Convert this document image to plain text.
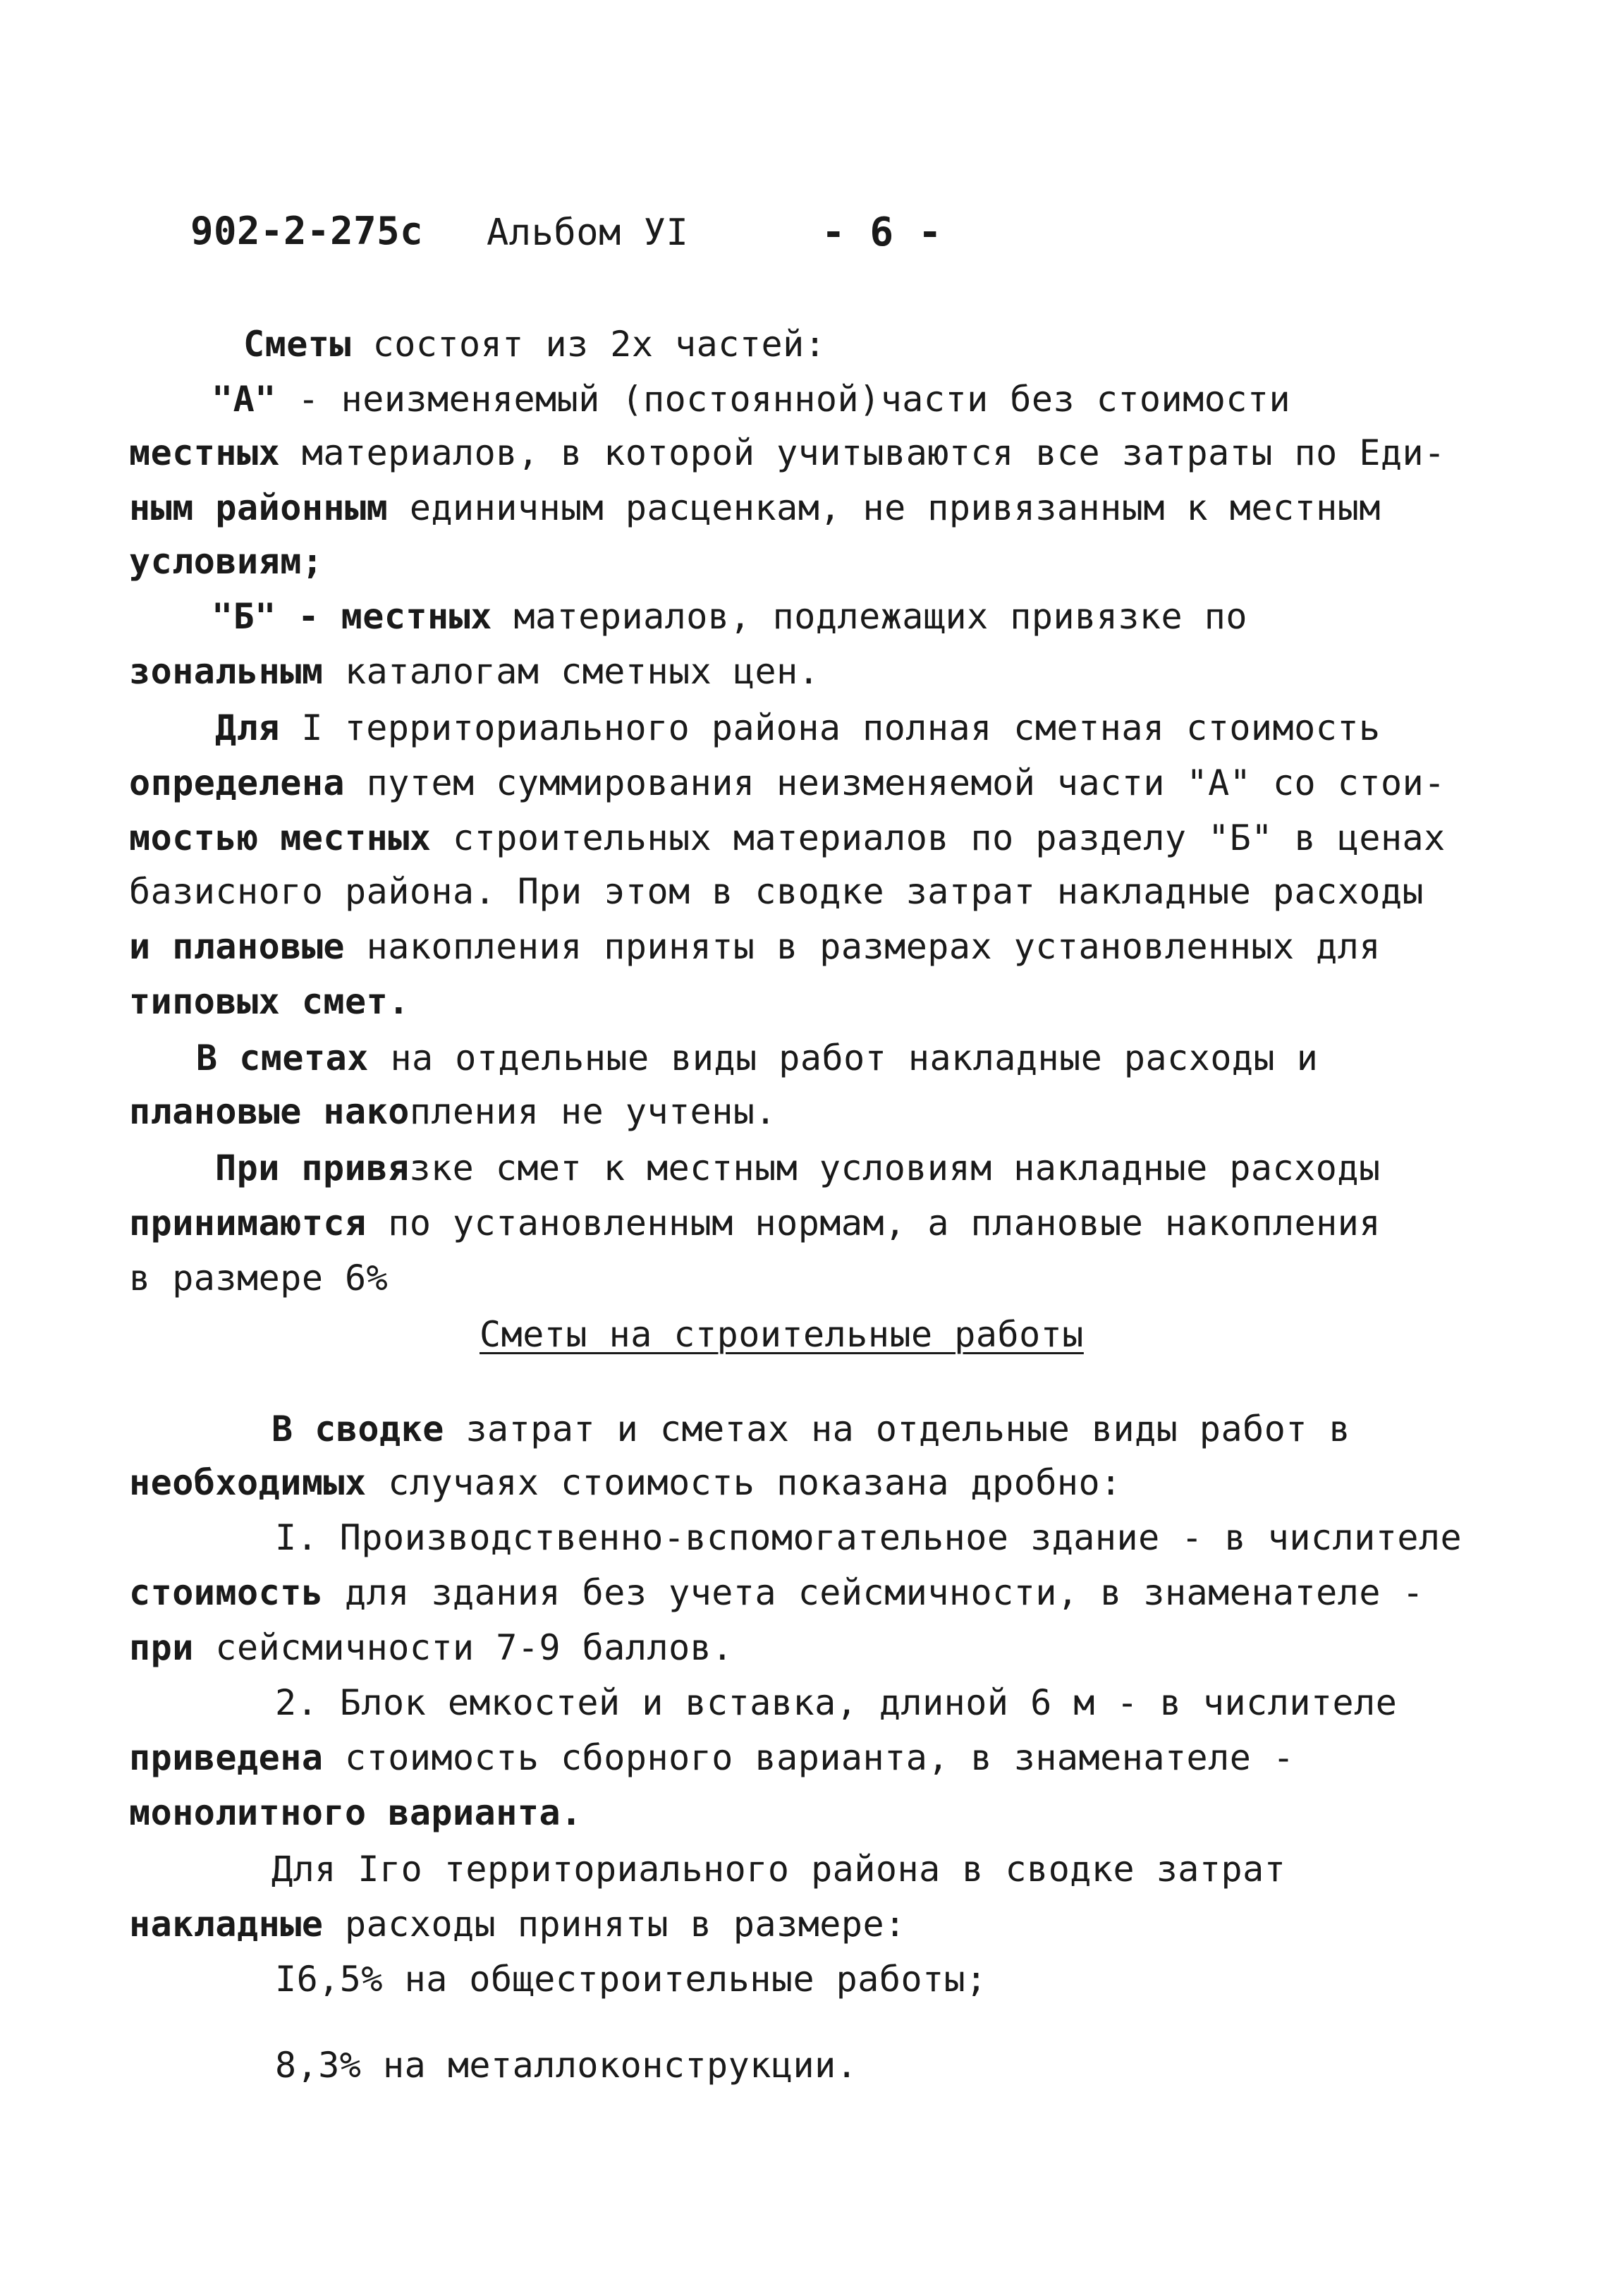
902-2-275с Альбом УІ	- 6 -
Сметы состоят из 2х частей:
"А" - неизменяемый (постоянной)части без стоимости
местных материалов, в которой учитываются все затраты по Еди-
ным районным единичным расценкам, не привязанным к местным
условиям;
"Б" - местных материалов, подлежащих привязке по
зональным каталогам сметных цен.
Для I территориального района полная сметная стоимость
определена путем суммирования неизменяемой части "А" со стои-
мостью местных строительных материалов по разделу "Б" в ценах
базисного района. При этом в сводке затрат накладные расходы
и плановые накопления приняты в размерах установленных для
типовых смет.
В сметах на отдельные виды работ накладные расходы и
плановые накопления не учтены.
При привязке смет к местным условиям накладные расходы
принимаются по установленным нормам, а плановые накопления
в размере 6%
Сметы на строительные работы
В сводке затрат и сметах на отдельные виды работ в
необходимых случаях стоимость показана дробно:
I. Производственно-вспомогательное здание - в числителе
стоимость для здания без учета сейсмичности, в знаменателе -
при сейсмичности 7-9 баллов.
2. Блок емкостей и вставка, длиной 6 м - в числителе
приведена стоимость сборного варианта, в знаменателе -
монолитного варианта.
Для Iго территориального района в сводке затрат
накладные расходы приняты в размере:
I6,5% на общестроительные работы;
8,3% на металлоконструкции.
